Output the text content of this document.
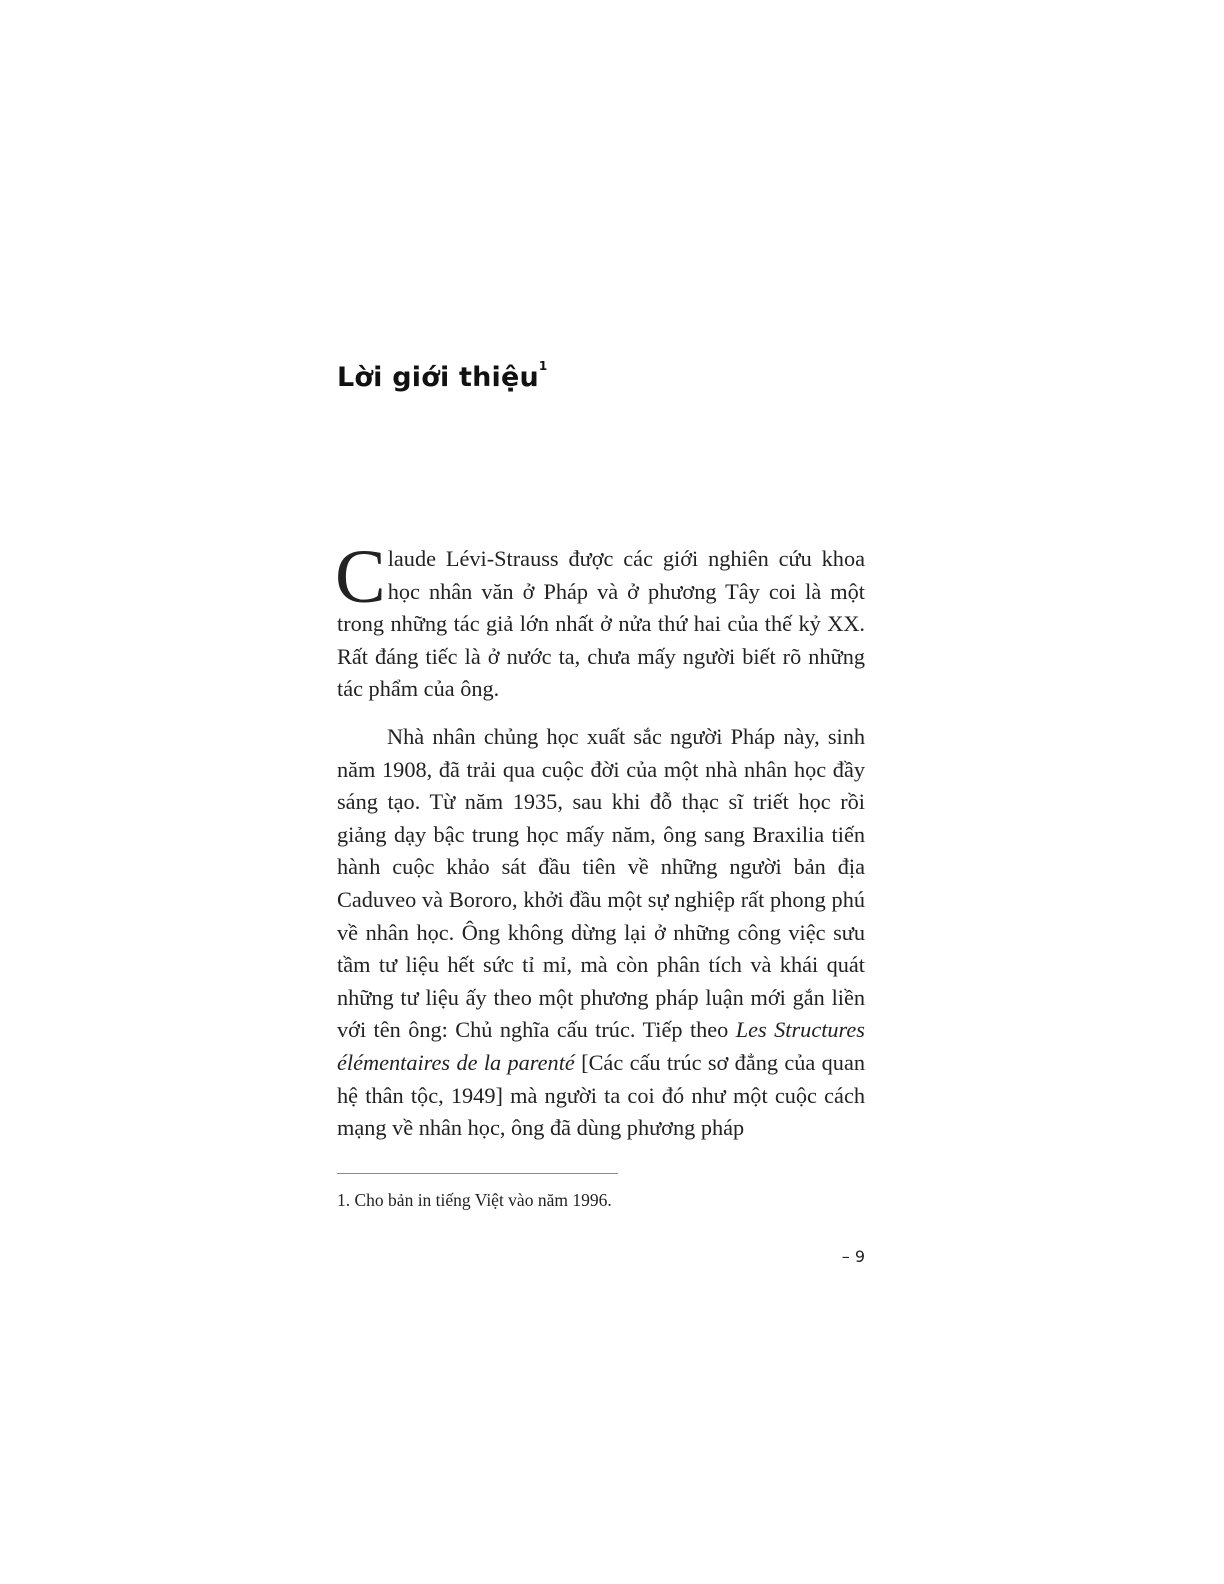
Lời giới thiệu$^1$

Claude Lévi-Strauss được các giới nghiên cứu khoa học nhân văn ở Pháp và ở phương Tây coi là một trong những tác giả lớn nhất ở nửa thứ hai của thế kỷ XX. Rất đáng tiếc là ở nước ta, chưa mấy người biết rõ những tác phẩm của ông.

Nhà nhân chủng học xuất sắc người Pháp này, sinh năm 1908, đã trải qua cuộc đời của một nhà nhân học đầy sáng tạo. Từ năm 1935, sau khi đỗ thạc sĩ triết học rồi giảng dạy bậc trung học mấy năm, ông sang Braxilia tiến hành cuộc khảo sát đầu tiên về những người bản địa Caduveo và Bororo, khởi đầu một sự nghiệp rất phong phú về nhân học. Ông không dừng lại ở những công việc sưu tầm tư liệu hết sức tỉ mỉ, mà còn phân tích và khái quát những tư liệu ấy theo một phương pháp luận mới gắn liền với tên ông: Chủ nghĩa cấu trúc. Tiếp theo Les Structures élémentaires de la parenté [Các cấu trúc sơ đẳng của quan hệ thân tộc, 1949] mà người ta coi đó như một cuộc cách mạng về nhân học, ông đã dùng phương pháp

1. Cho bản in tiếng Việt vào năm 1996.
– 9
